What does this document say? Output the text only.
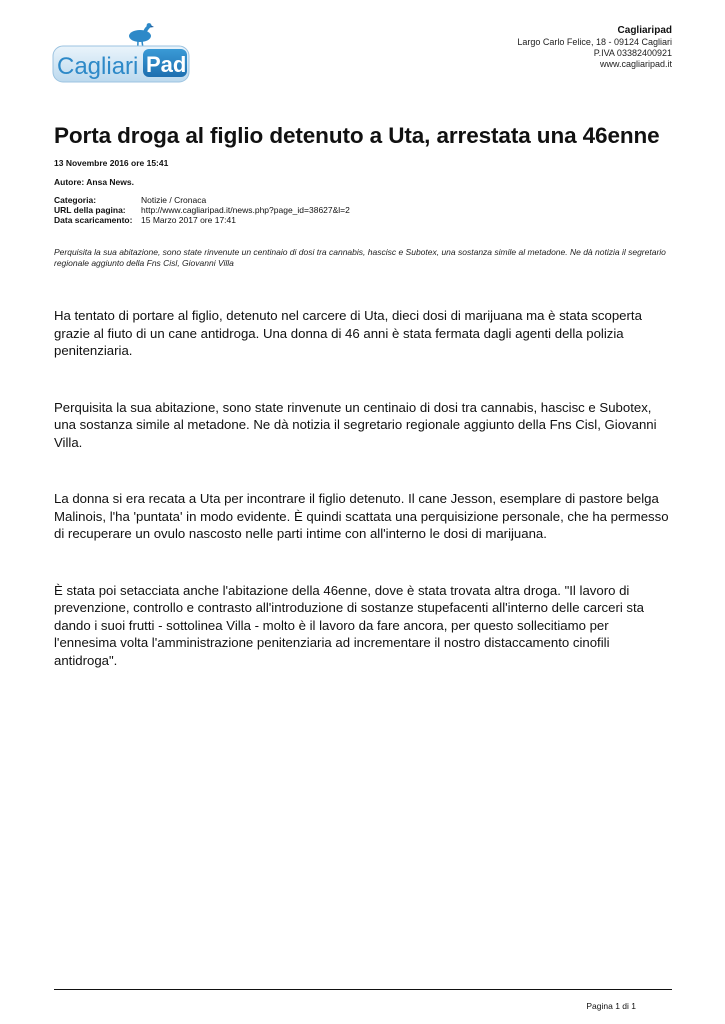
Cagliari Pad
Cagliaripad
Largo Carlo Felice, 18 - 09124 Cagliari
P.IVA 03382400921
www.cagliaripad.it
Porta droga al figlio detenuto a Uta, arrestata una 46enne
13 Novembre 2016 ore 15:41
Autore: Ansa News.
Categoria:	Notizie / Cronaca
URL della pagina:	http://www.cagliaripad.it/news.php?page_id=38627&l=2
Data scaricamento:	15 Marzo 2017 ore 17:41
Perquisita la sua abitazione, sono state rinvenute un centinaio di dosi tra cannabis, hascisc e Subotex, una sostanza simile al metadone. Ne dà notizia il segretario regionale aggiunto della Fns Cisl, Giovanni Villa

Ha tentato di portare al figlio, detenuto nel carcere di Uta, dieci dosi di marijuana ma è stata scoperta grazie al fiuto di un cane antidroga. Una donna di 46 anni è stata fermata dagli agenti della polizia penitenziaria.

Perquisita la sua abitazione, sono state rinvenute un centinaio di dosi tra cannabis, hascisc e Subotex, una sostanza simile al metadone. Ne dà notizia il segretario regionale aggiunto della Fns Cisl, Giovanni Villa.

La donna si era recata a Uta per incontrare il figlio detenuto. Il cane Jesson, esemplare di pastore belga Malinois, l'ha 'puntata' in modo evidente. È quindi scattata una perquisizione personale, che ha permesso di recuperare un ovulo nascosto nelle parti intime con all'interno le dosi di marijuana.

È stata poi setacciata anche l'abitazione della 46enne, dove è stata trovata altra droga. "Il lavoro di prevenzione, controllo e contrasto all'introduzione di sostanze stupefacenti all'interno delle carceri sta dando i suoi frutti - sottolinea Villa - molto è il lavoro da fare ancora, per questo sollecitiamo per l'ennesima volta l'amministrazione penitenziaria ad incrementare il nostro distaccamento cinofili antidroga".

Pagina 1 di 1
